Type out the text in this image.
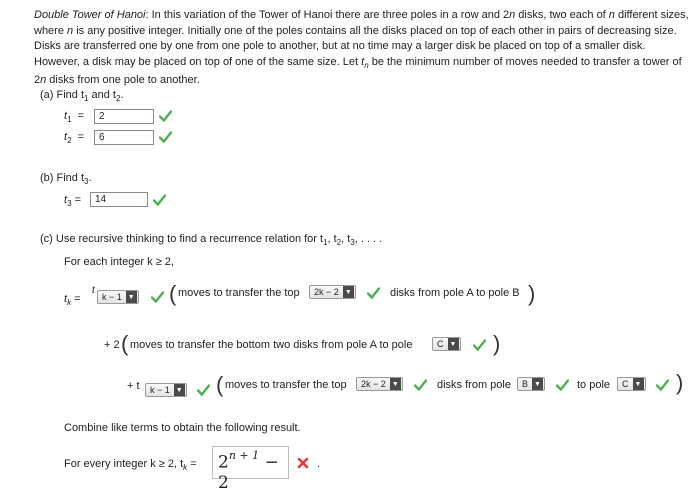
Double Tower of Hanoi: In this variation of the Tower of Hanoi there are three poles in a row and 2n disks, two each of n different sizes, where n is any positive integer. Initially one of the poles contains all the disks placed on top of each other in pairs of decreasing size. Disks are transferred one by one from one pole to another, but at no time may a larger disk be placed on top of a smaller disk. However, a disk may be placed on top of one of the same size. Let $t_n$ be the minimum number of moves needed to transfer a tower of 2n disks from one pole to another.
(a) Find $t_1$ and $t_2$.
$t_1$ =	2
$t_2$ =	6
(b) Find $t_3$.
$t_3$ =	14
(c) Use recursive thinking to find a recurrence relation for $t_1$, $t_2$, $t_3$, . . . .
For each integer k ≥ 2,
$t_k$ =
t
k − 1 ▼ ( moves to transfer the top	2k − 2 ▼	disks from pole A to pole B )
+ 2 ( moves to transfer the bottom two disks from pole A to pole	C ▼ )
+ t	k − 1 ▼ ( moves to transfer the top	2k − 2 ▼	disks from pole	B ▼	to pole	C ▼ )
Combine like terms to obtain the following result.
For every integer k ≥ 2, $t_k$ =	$2^{n + 1} - 2$
.
